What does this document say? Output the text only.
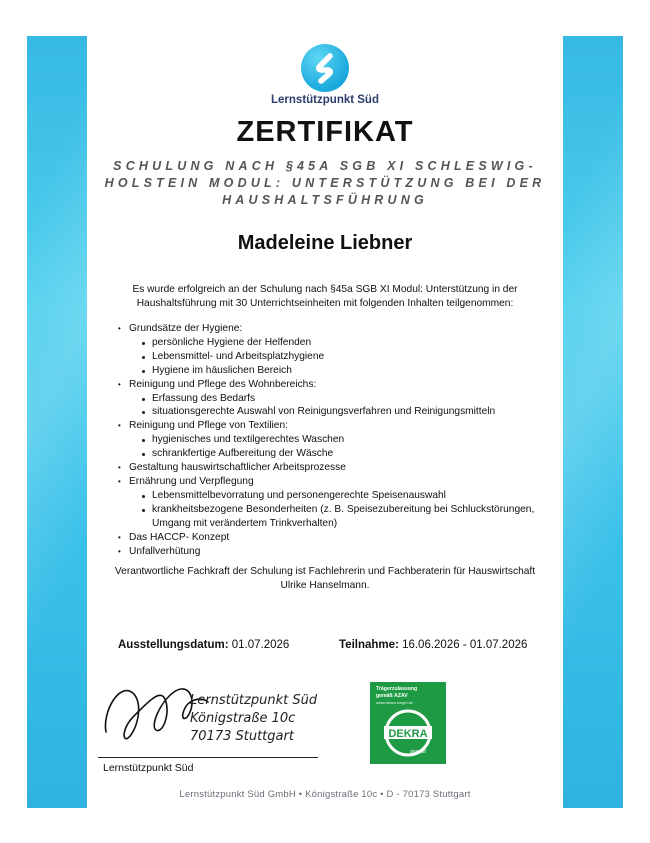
Lernstützpunkt Süd
ZERTIFIKAT
SCHULUNG NACH §45A SGB XI SCHLESWIG-
HOLSTEIN MODUL: UNTERSTÜTZUNG BEI DER
HAUSHALTSFÜHRUNG
Madeleine Liebner
Es wurde erfolgreich an der Schulung nach §45a SGB XI Modul: Unterstützung in der
Haushaltsführung mit 30 Unterrichtseinheiten mit folgenden Inhalten teilgenommen:
• Grundsätze der Hygiene:
persönliche Hygiene der Helfenden
Lebensmittel- und Arbeitsplatzhygiene
Hygiene im häuslichen Bereich
• Reinigung und Pflege des Wohnbereichs:
Erfassung des Bedarfs
situationsgerechte Auswahl von Reinigungsverfahren und Reinigungsmitteln
• Reinigung und Pflege von Textilien:
hygienisches und textilgerechtes Waschen
schrankfertige Aufbereitung der Wäsche
• Gestaltung hauswirtschaftlicher Arbeitsprozesse
• Ernährung und Verpflegung
Lebensmittelbevorratung und personengerechte Speisenauswahl
krankheitsbezogene Besonderheiten (z. B. Speisezubereitung bei Schluckstörungen, Umgang mit verändertem Trinkverhalten)
• Das HACCP- Konzept
• Unfallverhütung
Verantwortliche Fachkraft der Schulung ist Fachlehrerin und Fachberaterin für Hauswirtschaft
Ulrike Hanselmann.
Ausstellungsdatum: 01.07.2026	Teilnahme: 16.06.2026 - 01.07.2026
Lernstützpunkt Süd
Königstraße 10c
70173 Stuttgart
Lernstützpunkt Süd
Trägerzulassung
gemäß AZAV
www.dekra-siegel.de
DEKRA
geprüft
Lernstützpunkt Süd GmbH • Königstraße 10c • D - 70173 Stuttgart
